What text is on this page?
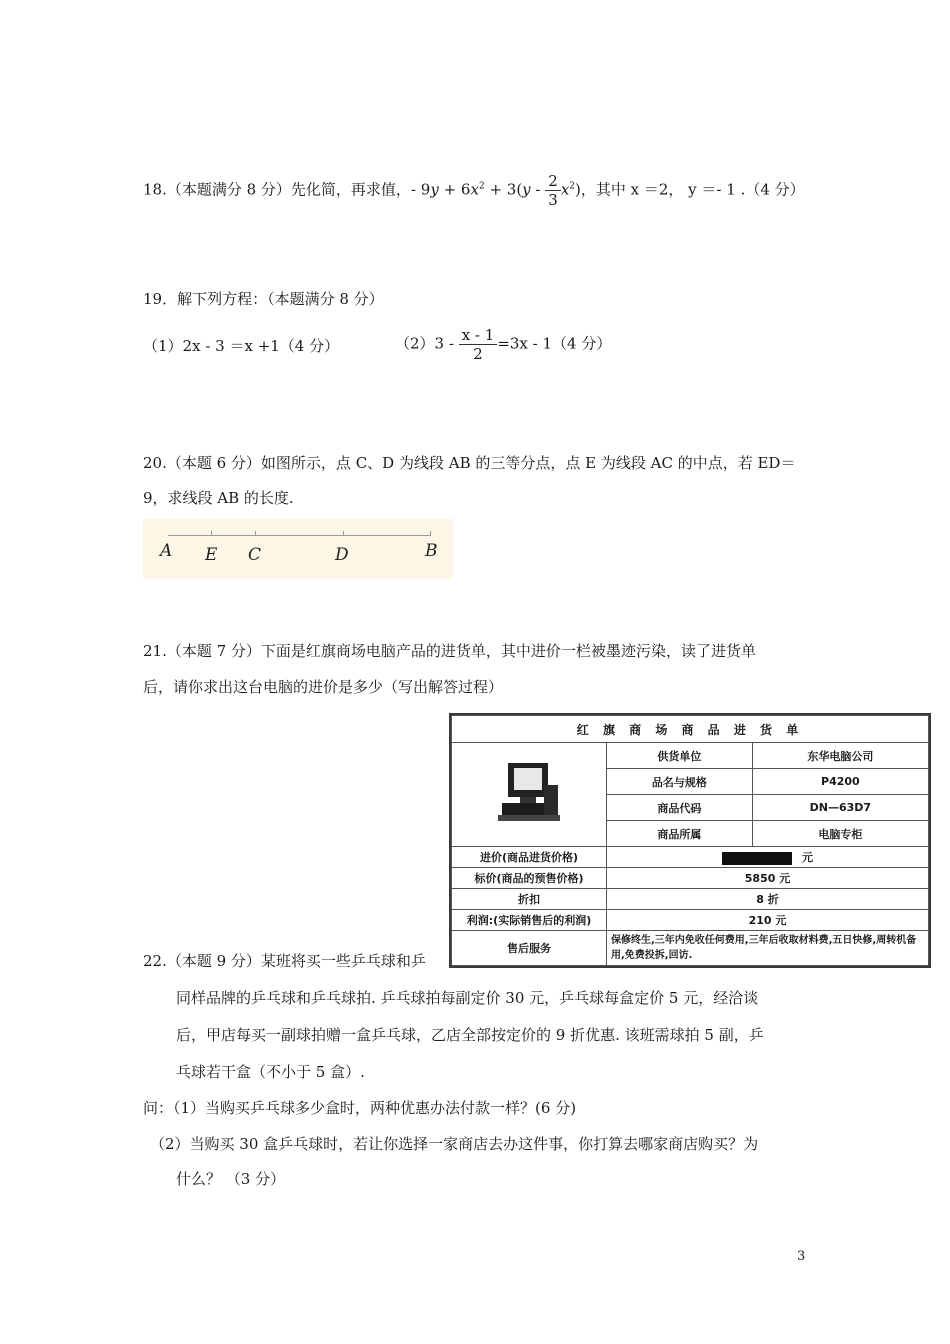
18.（本题满分 8 分）先化简，再求值，- $9y + 6x^2 + 3(y - \frac{2}{3} x^2)$，其中 x ＝2， y ＝- 1 .（4 分）
19．解下列方程：（本题满分 8 分）
（1）2x - 3 ＝x +1（4 分）	$(2)3 - \frac{x - 1}{2} =3x - 1(4$ 分）
20.（本题 6 分）如图所示，点 C、D 为线段 AB 的三等分点，点 E 为线段 AC 的中点，若 ED＝
9，求线段 AB 的长度.
A E C	D	B
21.（本题 7 分）下面是红旗商场电脑产品的进货单，其中进价一栏被墨迹污染，读了进货单
后，请你求出这台电脑的进价是多少（写出解答过程）
红 旗 商 场 商 品 进 货 单		

	供货单位	东华电脑公司
	品名与规格	P4200
	商品代码	DN—63D7
	商品所属	电脑专柜
进价(商品进货价格)	元	
标价(商品的预售价格)	5850 元	
折扣	8 折	
利润:(实际销售后的利润)	210 元	
售后服务	保修终生,三年内免收任何费用,三年后收取材料费,五日快修,周转机备用,免费投拆,回访.	
22.（本题 9 分）某班将买一些乒乓球和乒
同样品牌的乒乓球和乒乓球拍. 乒乓球拍每副定价 30 元，乒乓球每盒定价 5 元，经洽谈
后，甲店每买一副球拍赠一盒乒乓球，乙店全部按定价的 9 折优惠. 该班需球拍 5 副，乒
乓球若干盒（不小于 5 盒）.
问：（1）当购买乒乓球多少盒时，两种优惠办法付款一样？(6 分)
（2）当购买 30 盒乒乓球时，若让你选择一家商店去办这件事，你打算去哪家商店购买？为
什么？ （3 分）
3
